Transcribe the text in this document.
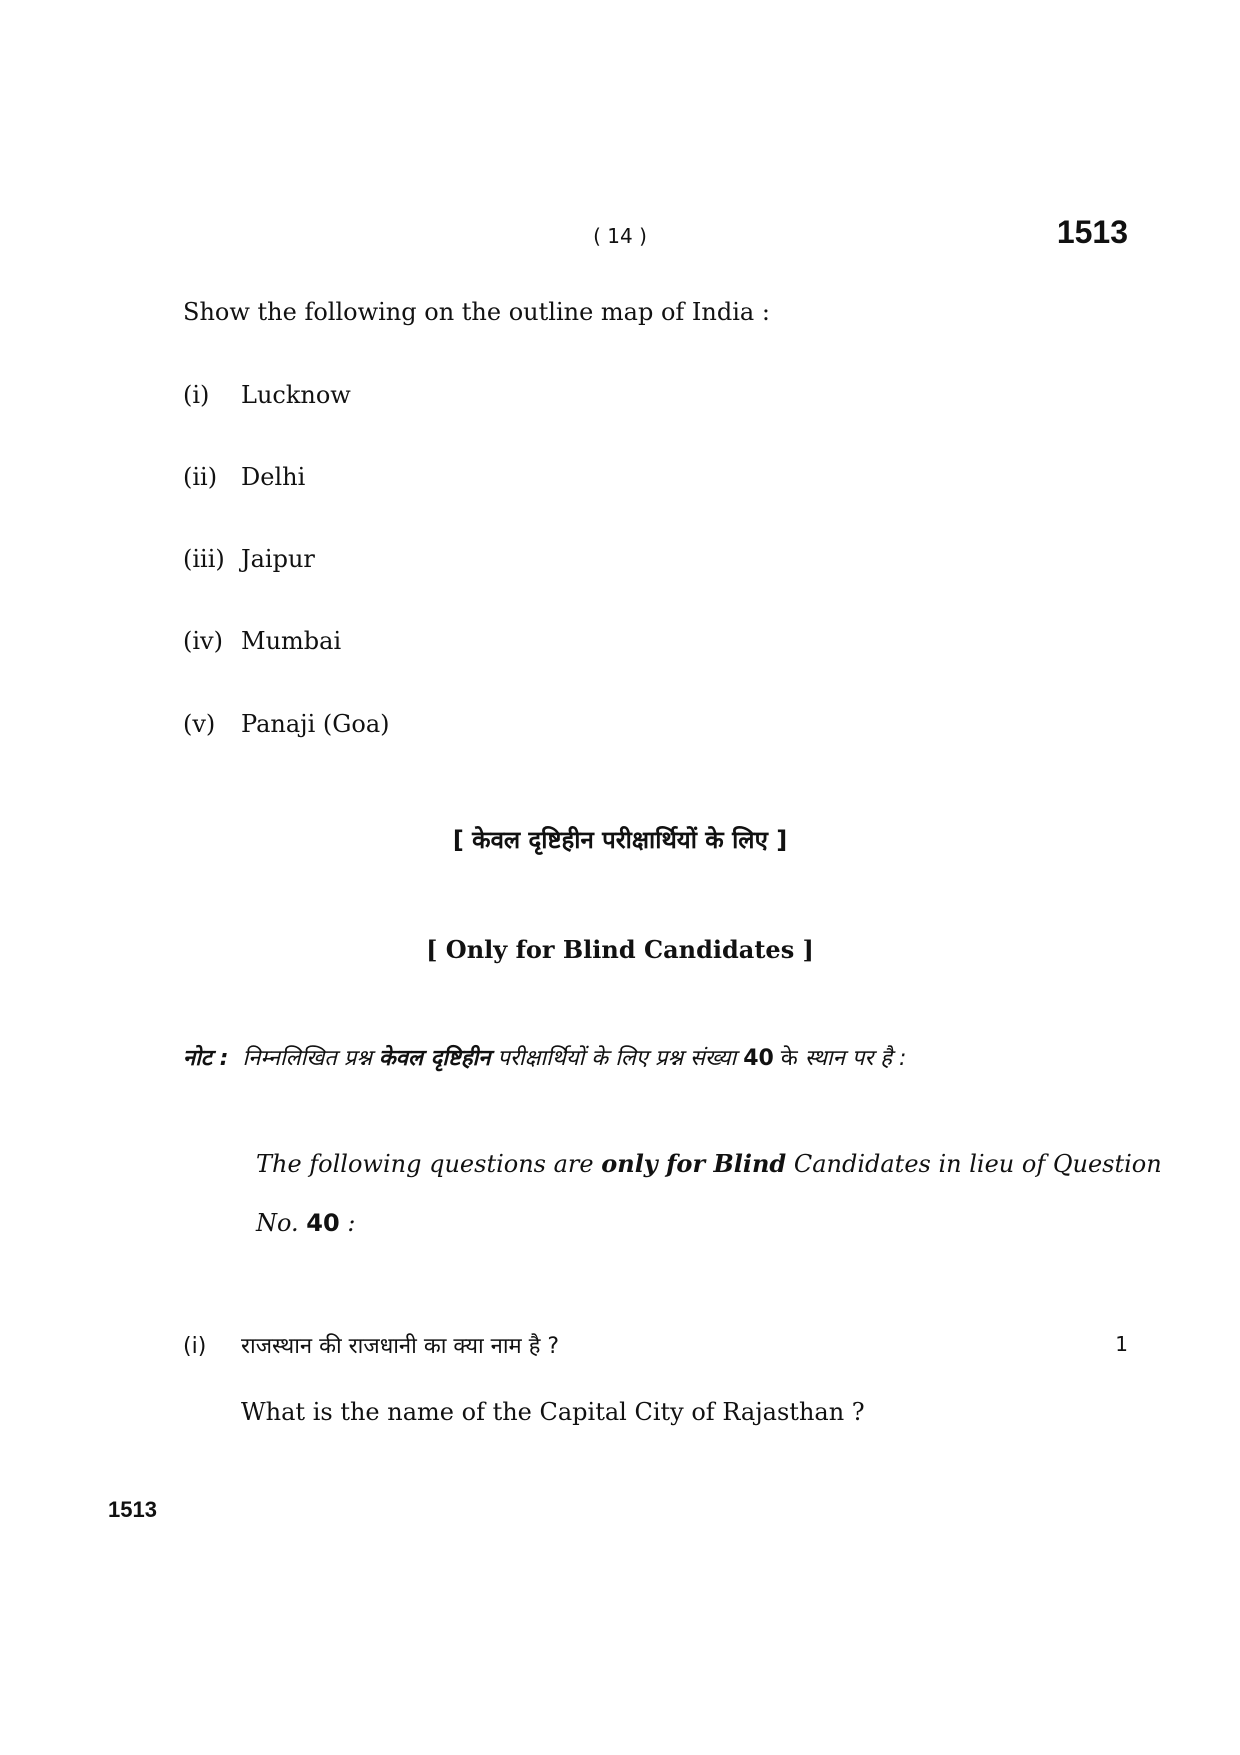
( 14 )	1513
Show the following on the outline map of India :
(i) Lucknow
(ii) Delhi
(iii) Jaipur
(iv) Mumbai
(v) Panaji (Goa)
[ केवल दृष्टिहीन परीक्षार्थियों के लिए ]
[ Only for Blind Candidates ]
नोट : निम्नलिखित प्रश्न केवल दृष्टिहीन परीक्षार्थियों के लिए प्रश्न संख्या 40 के स्थान पर है :
The following questions are only for Blind Candidates in lieu of Question
No. 40 :
(i) राजस्थान की राजधानी का क्या नाम है ?	1
What is the name of the Capital City of Rajasthan ?
1513
